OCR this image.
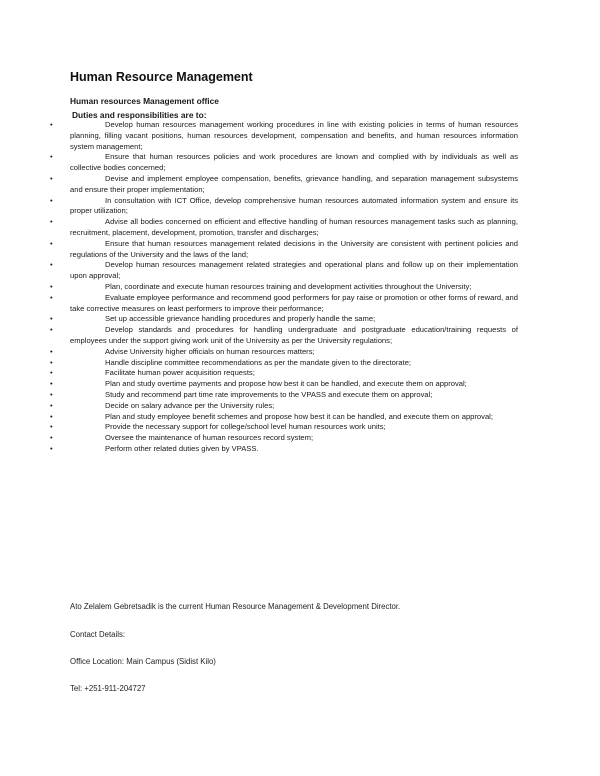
Human Resource Management
Human resources Management office
Duties and responsibilities are to:
•	Develop human resources management working procedures in line with existing policies in terms of human resources planning, filling vacant positions, human resources development, compensation and benefits, and human resources information system management;
•	Ensure that human resources policies and work procedures are known and complied with by individuals as well as collective bodies concerned;
•	Devise and implement employee compensation, benefits, grievance handling, and separation management subsystems and ensure their proper implementation;
•	In consultation with ICT Office, develop comprehensive human resources automated information system and ensure its proper utilization;
•	Advise all bodies concerned on efficient and effective handling of human resources management tasks such as planning, recruitment, placement, development, promotion, transfer and discharges;
•	Ensure that human resources management related decisions in the University are consistent with pertinent policies and regulations of the University and the laws of the land;
•	Develop human resources management related strategies and operational plans and follow up on their implementation upon approval;
•	Plan, coordinate and execute human resources training and development activities throughout the University;
•	Evaluate employee performance and recommend good performers for pay raise or promotion or other forms of reward, and take corrective measures on least performers to improve their performance;
•	Set up accessible grievance handling procedures and properly handle the same;
•	Develop standards and procedures for handling undergraduate and postgraduate education/training requests of employees under the support giving work unit of the University as per the University regulations;
•	Advise University higher officials on human resources matters;
•	Handle discipline committee recommendations as per the mandate given to the directorate;
•	Facilitate human power acquisition requests;
•	Plan and study overtime payments and propose how best it can be handled, and execute them on approval;
•	Study and recommend part time rate improvements to the VPASS and execute them on approval;
•	Decide on salary advance per the University rules;
•	Plan and study employee benefit schemes and propose how best it can be handled, and execute them on approval;
•	Provide the necessary support for college/school level human resources work units;
•	Oversee the maintenance of human resources record system;
•	Perform other related duties given by VPASS.
Ato Zelalem Gebretsadik is the current Human Resource Management & Development Director.
Contact Details:
Office Location: Main Campus (Sidist Kilo)
Tel: +251-911-204727
